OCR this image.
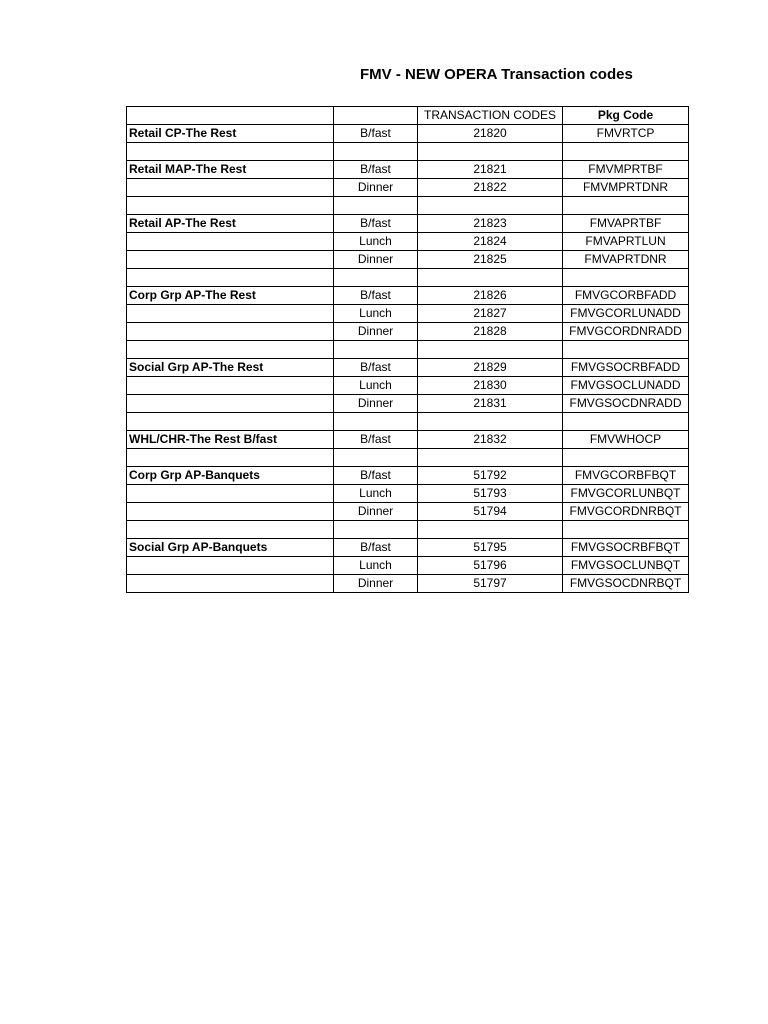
FMV - NEW OPERA Transaction codes
		TRANSACTION CODES	Pkg Code
Retail CP-The Rest	B/fast	21820	FMVRTCP

Retail MAP-The Rest	B/fast	21821	FMVMPRTBF
	Dinner	21822	FMVMPRTDNR

Retail AP-The Rest	B/fast	21823	FMVAPRTBF
	Lunch	21824	FMVAPRTLUN
	Dinner	21825	FMVAPRTDNR

Corp Grp AP-The Rest	B/fast	21826	FMVGCORBFADD
	Lunch	21827	FMVGCORLUNADD
	Dinner	21828	FMVGCORDNRADD

Social Grp AP-The Rest	B/fast	21829	FMVGSOCRBFADD
	Lunch	21830	FMVGSOCLUNADD
	Dinner	21831	FMVGSOCDNRADD

WHL/CHR-The Rest B/fast	B/fast	21832	FMVWHOCP

Corp Grp AP-Banquets	B/fast	51792	FMVGCORBFBQT
	Lunch	51793	FMVGCORLUNBQT
	Dinner	51794	FMVGCORDNRBQT

Social Grp AP-Banquets	B/fast	51795	FMVGSOCRBFBQT
	Lunch	51796	FMVGSOCLUNBQT
	Dinner	51797	FMVGSOCDNRBQT
